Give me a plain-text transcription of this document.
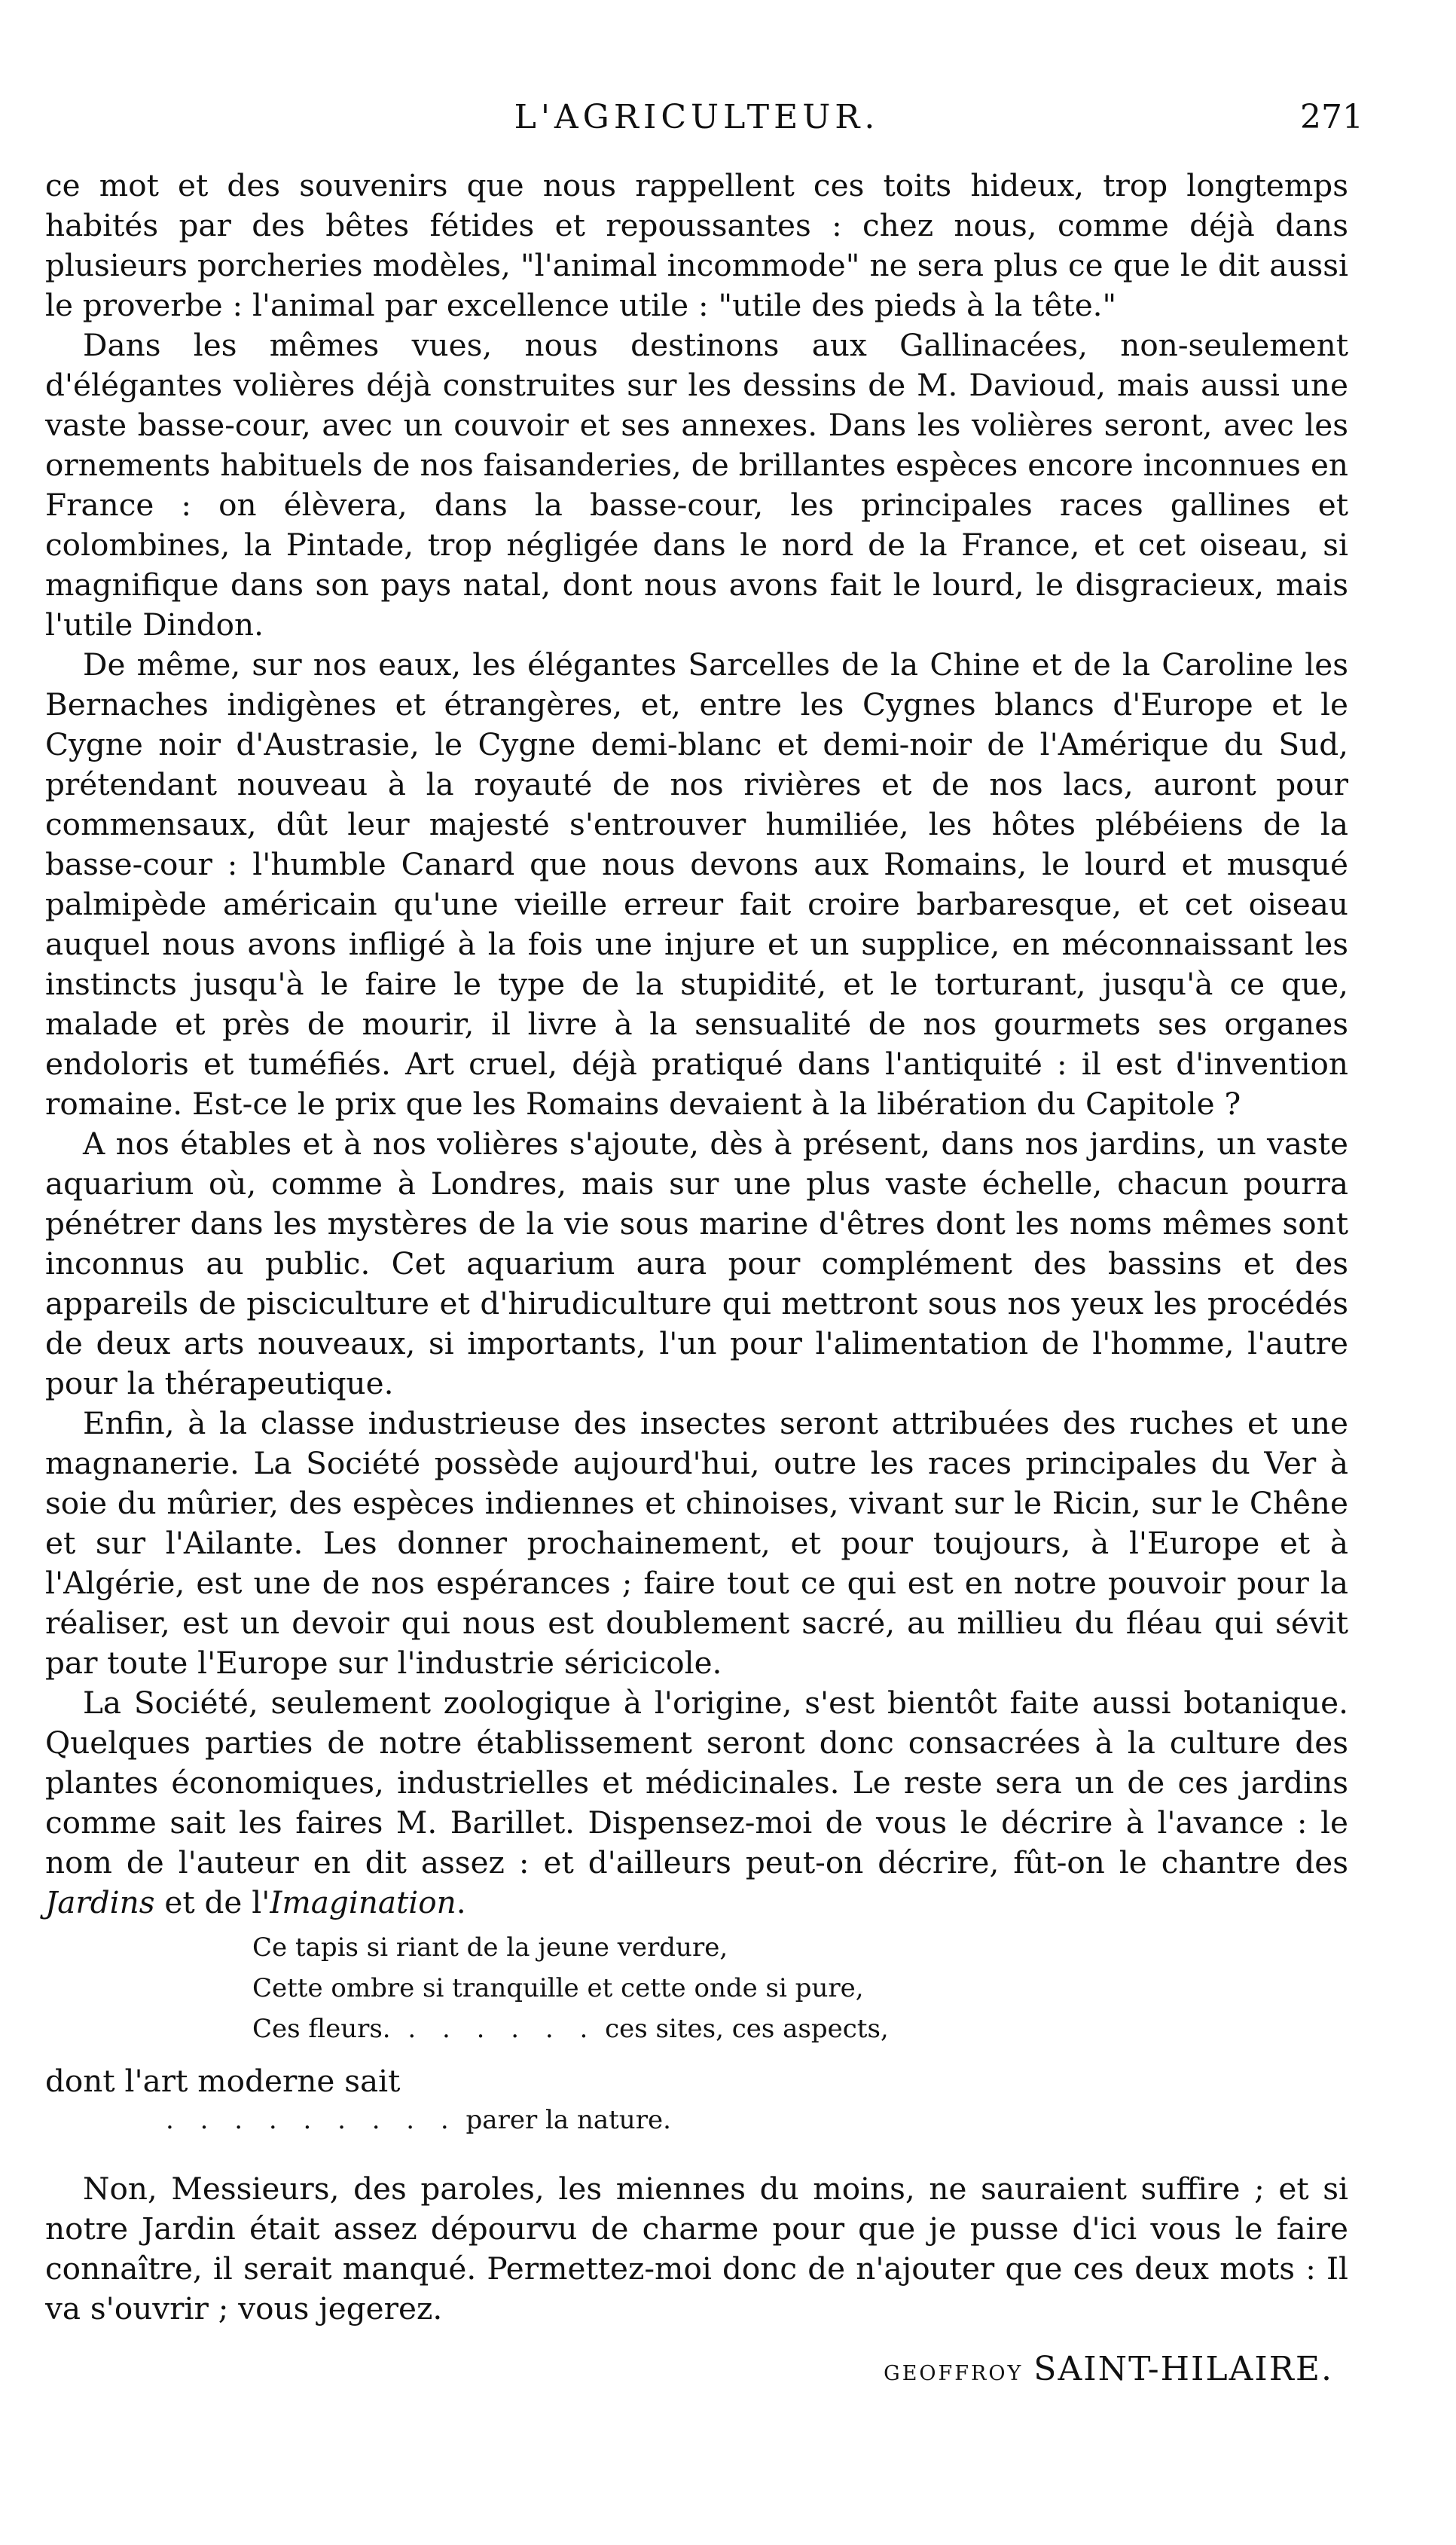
L'AGRICULTEUR.	271

ce mot et des souvenirs que nous rappellent ces toits hideux, trop longtemps habités par des bêtes fétides et repoussantes : chez nous, comme déjà dans plusieurs porcheries modèles, "l'animal incommode" ne sera plus ce que le dit aussi le proverbe : l'animal par excellence utile : "utile des pieds à la tête."

Dans les mêmes vues, nous destinons aux Gallinacées, non-seulement d'élégantes volières déjà construites sur les dessins de M. Davioud, mais aussi une vaste basse-cour, avec un couvoir et ses annexes. Dans les volières seront, avec les ornements habituels de nos faisanderies, de brillantes espèces encore inconnues en France : on élèvera, dans la basse-cour, les principales races gallines et colombines, la Pintade, trop négligée dans le nord de la France, et cet oiseau, si magnifique dans son pays natal, dont nous avons fait le lourd, le disgracieux, mais l'utile Dindon.

De même, sur nos eaux, les élégantes Sarcelles de la Chine et de la Caroline les Bernaches indigènes et étrangères, et, entre les Cygnes blancs d'Europe et le Cygne noir d'Austrasie, le Cygne demi-blanc et demi-noir de l'Amérique du Sud, prétendant nouveau à la royauté de nos rivières et de nos lacs, auront pour commensaux, dût leur majesté s'entrouver humiliée, les hôtes plébéiens de la basse-cour : l'humble Canard que nous devons aux Romains, le lourd et musqué palmipède américain qu'une vieille erreur fait croire barbaresque, et cet oiseau auquel nous avons infligé à la fois une injure et un supplice, en méconnaissant les instincts jusqu'à le faire le type de la stupidité, et le torturant, jusqu'à ce que, malade et près de mourir, il livre à la sensualité de nos gourmets ses organes endoloris et tuméfiés. Art cruel, déjà pratiqué dans l'antiquité : il est d'invention romaine. Est-ce le prix que les Romains devaient à la libération du Capitole ?

A nos étables et à nos volières s'ajoute, dès à présent, dans nos jardins, un vaste aquarium où, comme à Londres, mais sur une plus vaste échelle, chacun pourra pénétrer dans les mystères de la vie sous marine d'êtres dont les noms mêmes sont inconnus au public. Cet aquarium aura pour complément des bassins et des appareils de pisciculture et d'hirudiculture qui mettront sous nos yeux les procédés de deux arts nouveaux, si importants, l'un pour l'alimentation de l'homme, l'autre pour la thérapeutique.

Enfin, à la classe industrieuse des insectes seront attribuées des ruches et une magnanerie. La Société possède aujourd'hui, outre les races principales du Ver à soie du mûrier, des espèces indiennes et chinoises, vivant sur le Ricin, sur le Chêne et sur l'Ailante. Les donner prochainement, et pour toujours, à l'Europe et à l'Algérie, est une de nos espérances ; faire tout ce qui est en notre pouvoir pour la réaliser, est un devoir qui nous est doublement sacré, au millieu du fléau qui sévit par toute l'Europe sur l'industrie séricicole.

La Société, seulement zoologique à l'origine, s'est bientôt faite aussi botanique. Quelques parties de notre établissement seront donc consacrées à la culture des plantes économiques, industrielles et médicinales. Le reste sera un de ces jardins comme sait les faires M. Barillet. Dispensez-moi de vous le décrire à l'avance : le nom de l'auteur en dit assez : et d'ailleurs peut-on décrire, fût-on le chantre des Jardins et de l'Imagination.

Ce tapis si riant de la jeune verdure,
Cette ombre si tranquille et cette onde si pure,
Ces fleurs. . . . . . . ces sites, ces aspects,
dont l'art moderne sait
. . . . . . . . . parer la nature.

Non, Messieurs, des paroles, les miennes du moins, ne sauraient suffire ; et si notre Jardin était assez dépourvu de charme pour que je pusse d'ici vous le faire connaître, il serait manqué. Permettez-moi donc de n'ajouter que ces deux mots : Il va s'ouvrir ; vous jegerez.

GEOFFROY SAINT-HILAIRE.
